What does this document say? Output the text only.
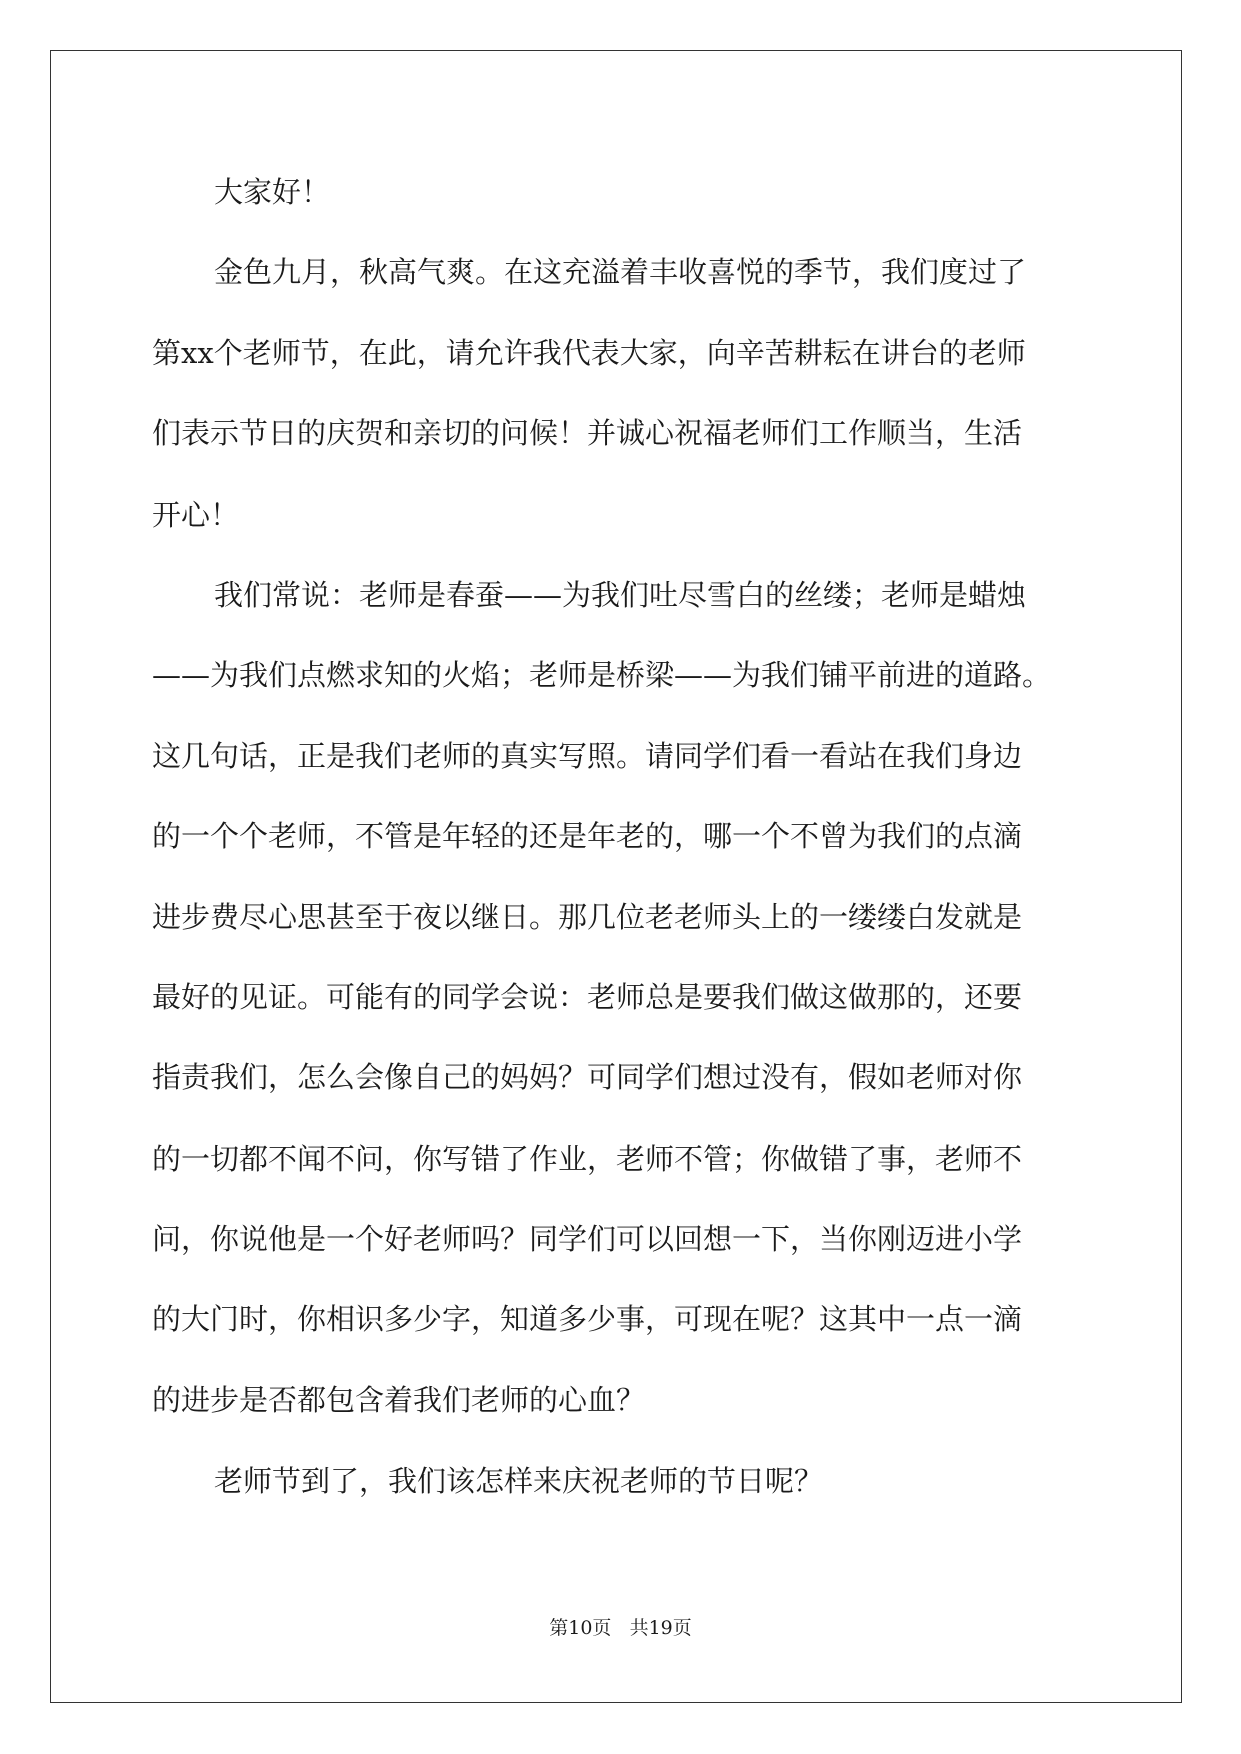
大家好！
金色九月，秋高气爽。在这充溢着丰收喜悦的季节，我们度过了
第xx个老师节，在此，请允许我代表大家，向辛苦耕耘在讲台的老师
们表示节日的庆贺和亲切的问候！并诚心祝福老师们工作顺当，生活
开心！
我们常说：老师是春蚕——为我们吐尽雪白的丝缕；老师是蜡烛
——为我们点燃求知的火焰；老师是桥梁——为我们铺平前进的道路。
这几句话，正是我们老师的真实写照。请同学们看一看站在我们身边
的一个个老师，不管是年轻的还是年老的，哪一个不曾为我们的点滴
进步费尽心思甚至于夜以继日。那几位老老师头上的一缕缕白发就是
最好的见证。可能有的同学会说：老师总是要我们做这做那的，还要
指责我们，怎么会像自己的妈妈？可同学们想过没有，假如老师对你
的一切都不闻不问，你写错了作业，老师不管；你做错了事，老师不
问，你说他是一个好老师吗？同学们可以回想一下，当你刚迈进小学
的大门时，你相识多少字，知道多少事，可现在呢？这其中一点一滴
的进步是否都包含着我们老师的心血？
老师节到了，我们该怎样来庆祝老师的节日呢？
第10页 共19页
